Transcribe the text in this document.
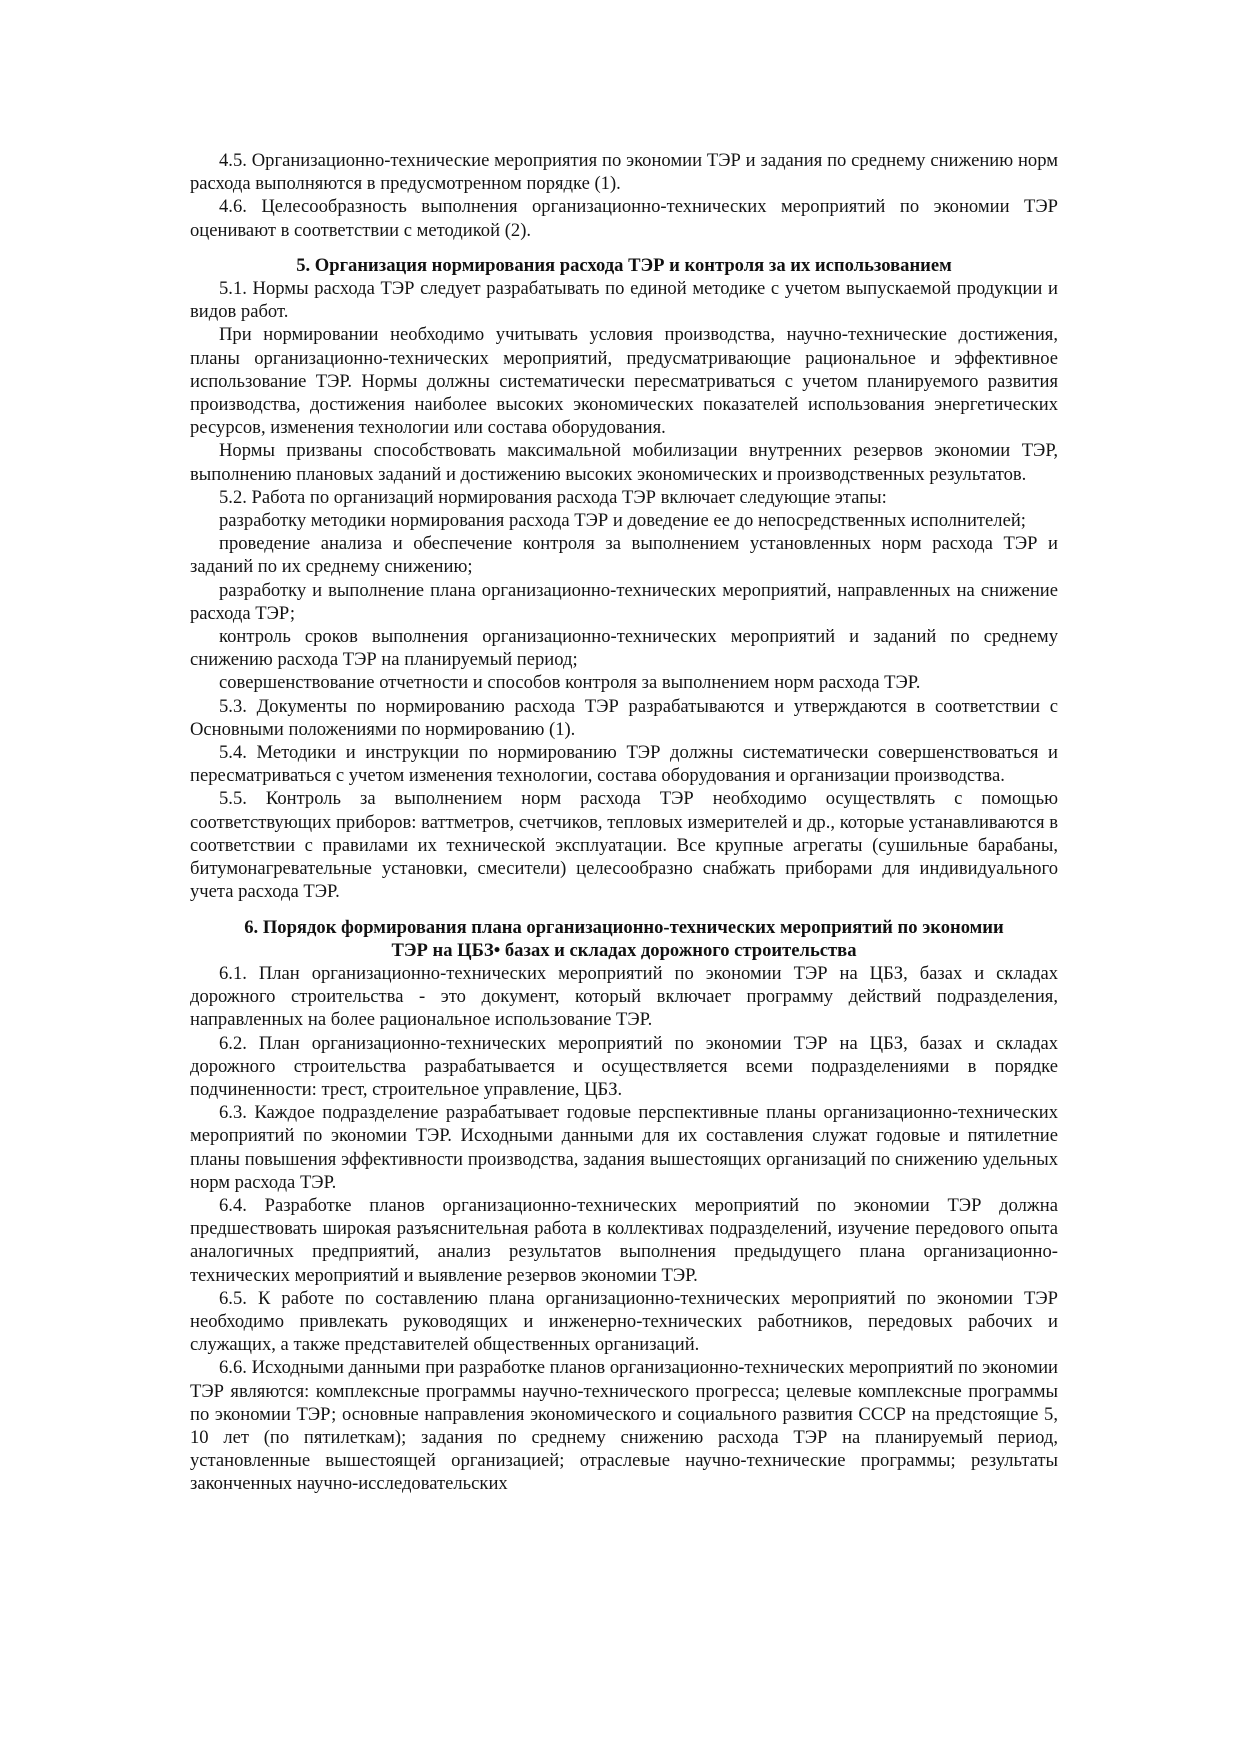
4.5. Организационно-технические мероприятия по экономии ТЭР и задания по среднему снижению норм расхода выполняются в предусмотренном порядке (1).

4.6. Целесообразность выполнения организационно-технических мероприятий по экономии ТЭР оценивают в соответствии с методикой (2).

5. Организация нормирования расхода ТЭР и контроля за их использованием

5.1. Нормы расхода ТЭР следует разрабатывать по единой методике с учетом выпускаемой продукции и видов работ.

При нормировании необходимо учитывать условия производства, научно-технические достижения, планы организационно-технических мероприятий, предусматривающие рациональное и эффективное использование ТЭР. Нормы должны систематически пересматриваться с учетом планируемого развития производства, достижения наиболее высоких экономических показателей использования энергетических ресурсов, изменения технологии или состава оборудования.

Нормы призваны способствовать максимальной мобилизации внутренних резервов экономии ТЭР, выполнению плановых заданий и достижению высоких экономических и производственных результатов.

5.2. Работа по организаций нормирования расхода ТЭР включает следующие этапы:

разработку методики нормирования расхода ТЭР и доведение ее до непосредственных исполнителей;

проведение анализа и обеспечение контроля за выполнением установленных норм расхода ТЭР и заданий по их среднему снижению;

разработку и выполнение плана организационно-технических мероприятий, направленных на снижение расхода ТЭР;

контроль сроков выполнения организационно-технических мероприятий и заданий по среднему снижению расхода ТЭР на планируемый период;

совершенствование отчетности и способов контроля за выполнением норм расхода ТЭР.

5.3. Документы по нормированию расхода ТЭР разрабатываются и утверждаются в соответствии с Основными положениями по нормированию (1).

5.4. Методики и инструкции по нормированию ТЭР должны систематически совершенствоваться и пересматриваться с учетом изменения технологии, состава оборудования и организации производства.

5.5. Контроль за выполнением норм расхода ТЭР необходимо осуществлять с помощью соответствующих приборов: ваттметров, счетчиков, тепловых измерителей и др., которые устанавливаются в соответствии с правилами их технической эксплуатации. Все крупные агрегаты (сушильные барабаны, битумонагревательные установки, смесители) целесообразно снабжать приборами для индивидуального учета расхода ТЭР.

6. Порядок формирования плана организационно-технических мероприятий по экономии
ТЭР на ЦБЗ• базах и складах дорожного строительства

6.1. План организационно-технических мероприятий по экономии ТЭР на ЦБЗ, базах и складах дорожного строительства - это документ, который включает программу действий подразделения, направленных на более рациональное использование ТЭР.

6.2. План организационно-технических мероприятий по экономии ТЭР на ЦБЗ, базах и складах дорожного строительства разрабатывается и осуществляется всеми подразделениями в порядке подчиненности: трест, строительное управление, ЦБЗ.

6.3. Каждое подразделение разрабатывает годовые перспективные планы организационно-технических мероприятий по экономии ТЭР. Исходными данными для их составления служат годовые и пятилетние планы повышения эффективности производства, задания вышестоящих организаций по снижению удельных норм расхода ТЭР.

6.4. Разработке планов организационно-технических мероприятий по экономии ТЭР должна предшествовать широкая разъяснительная работа в коллективах подразделений, изучение передового опыта аналогичных предприятий, анализ результатов выполнения предыдущего плана организационно-технических мероприятий и выявление резервов экономии ТЭР.

6.5. К работе по составлению плана организационно-технических мероприятий по экономии ТЭР необходимо привлекать руководящих и инженерно-технических работников, передовых рабочих и служащих, а также представителей общественных организаций.

6.6. Исходными данными при разработке планов организационно-технических мероприятий по экономии ТЭР являются: комплексные программы научно-технического прогресса; целевые комплексные программы по экономии ТЭР; основные направления экономического и социального развития СССР на предстоящие 5, 10 лет (по пятилеткам); задания по среднему снижению расхода ТЭР на планируемый период, установленные вышестоящей организацией; отраслевые научно-технические программы; результаты законченных научно-исследовательских
